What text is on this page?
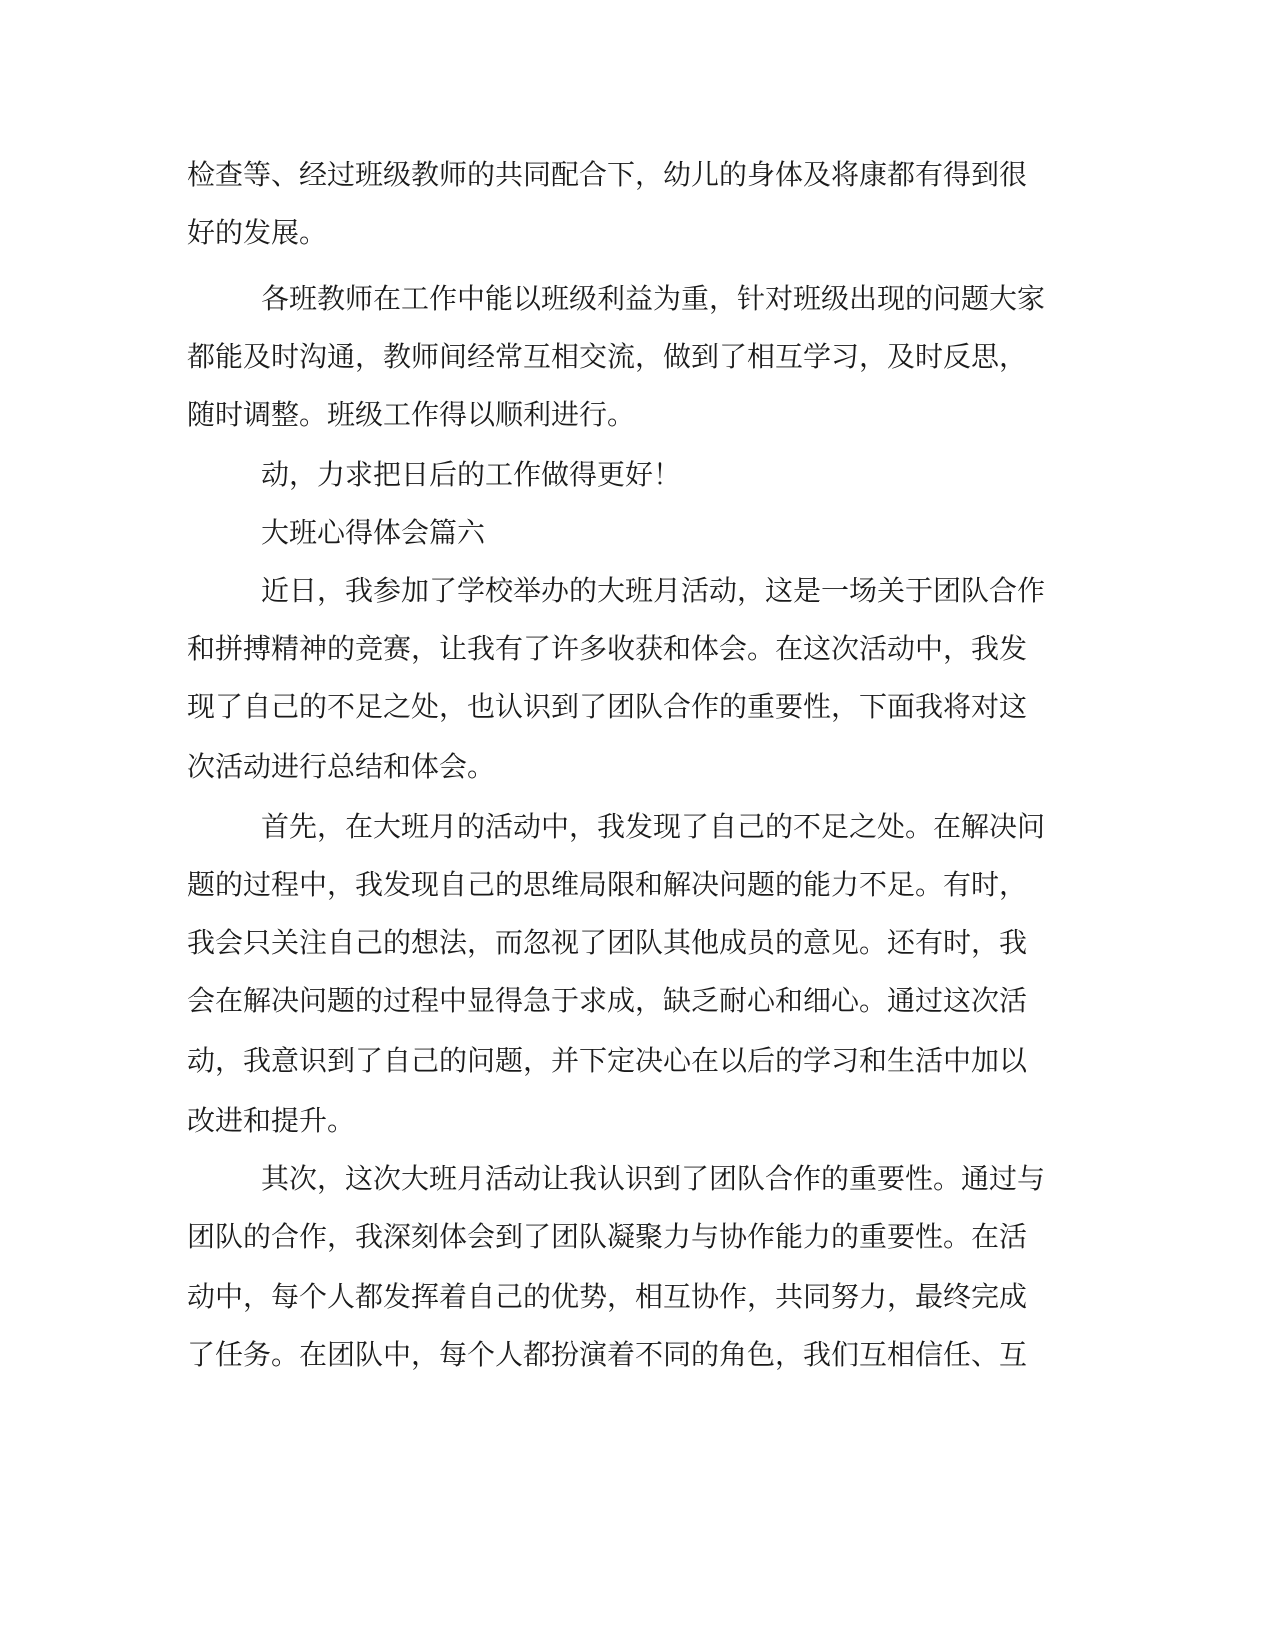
检查等、经过班级教师的共同配合下，幼儿的身体及将康都有得到很
好的发展。
各班教师在工作中能以班级利益为重，针对班级出现的问题大家
都能及时沟通，教师间经常互相交流，做到了相互学习，及时反思，
随时调整。班级工作得以顺利进行。
动，力求把日后的工作做得更好！
大班心得体会篇六
近日，我参加了学校举办的大班月活动，这是一场关于团队合作
和拼搏精神的竞赛，让我有了许多收获和体会。在这次活动中，我发
现了自己的不足之处，也认识到了团队合作的重要性，下面我将对这
次活动进行总结和体会。
首先，在大班月的活动中，我发现了自己的不足之处。在解决问
题的过程中，我发现自己的思维局限和解决问题的能力不足。有时，
我会只关注自己的想法，而忽视了团队其他成员的意见。还有时，我
会在解决问题的过程中显得急于求成，缺乏耐心和细心。通过这次活
动，我意识到了自己的问题，并下定决心在以后的学习和生活中加以
改进和提升。
其次，这次大班月活动让我认识到了团队合作的重要性。通过与
团队的合作，我深刻体会到了团队凝聚力与协作能力的重要性。在活
动中，每个人都发挥着自己的优势，相互协作，共同努力，最终完成
了任务。在团队中，每个人都扮演着不同的角色，我们互相信任、互
